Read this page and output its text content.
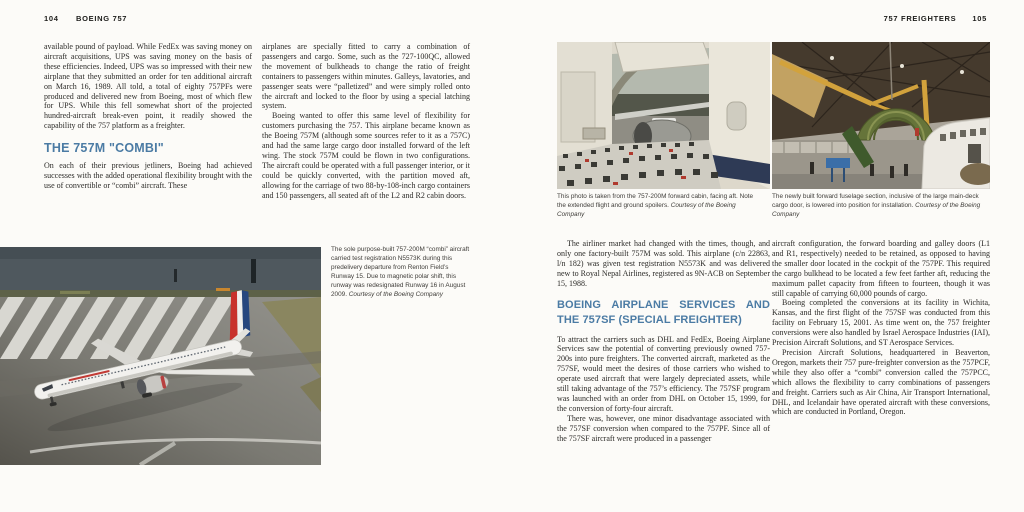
104 BOEING 757	757 FREIGHTERS 105

available pound of payload. While FedEx was saving money on aircraft acquisitions, UPS was saving money on the basis of these efficiencies. Indeed, UPS was so impressed with their new airplane that they submitted an order for ten additional aircraft on March 16, 1989. All told, a total of eighty 757PFs were produced and delivered new from Boeing, most of which flew for UPS. While this fell somewhat short of the projected hundred-aircraft break-even point, it readily showed the capability of the 757 platform as a freighter.

THE 757M "COMBI"

On each of their previous jetliners, Boeing had achieved successes with the added operational flexibility brought with the use of convertible or “combi” aircraft. These

airplanes are specially fitted to carry a combination of passengers and cargo. Some, such as the 727-100QC, allowed the movement of bulkheads to change the ratio of freight containers to passengers within minutes. Galleys, lavatories, and passenger seats were “palletized” and were simply rolled onto the aircraft and locked to the floor by using a special latching system.

Boeing wanted to offer this same level of flexibility for customers purchasing the 757. This airplane became known as the Boeing 757M (although some sources refer to it as a 757C) and had the same large cargo door installed forward of the left wing. The stock 757M could be flown in two configurations. The aircraft could be operated with a full passenger interior, or it could be quickly converted, with the partition moved aft, allowing for the carriage of two 88-by-108-inch cargo containers and 150 passengers, all seated aft of the L2 and R2 cabin doors.

The sole purpose-built 757-200M “combi” aircraft carried test registration N5573K during this predelivery departure from Renton Field’s Runway 15. Due to magnetic polar shift, this runway was redesignated Runway 16 in August 2009. Courtesy of the Boeing Company
This photo is taken from the 757-200M forward cabin, facing aft. Note the extended flight and ground spoilers. Courtesy of the Boeing Company
The newly built forward fuselage section, inclusive of the large main-deck cargo door, is lowered into position for installation. Courtesy of the Boeing Company

The airliner market had changed with the times, though, and only one factory-built 757M was sold. This airplane (c/n 22863, l/n 182) was given test registration N5573K and was delivered new to Royal Nepal Airlines, registered as 9N-ACB on September 15, 1988.

BOEING AIRPLANE SERVICES AND THE 757SF (SPECIAL FREIGHTER)

To attract the carriers such as DHL and FedEx, Boeing Airplane Services saw the potential of converting previously owned 757-200s into pure freighters. The converted aircraft, marketed as the 757SF, would meet the desires of those carriers who wished to operate used aircraft that were largely depreciated assets, while still taking advantage of the 757’s efficiency. The 757SF program was launched with an order from DHL on October 15, 1999, for the conversion of forty-four aircraft.

There was, however, one minor disadvantage associated with the 757SF conversion when compared to the 757PF. Since all of the 757SF aircraft were produced in a passenger

aircraft configuration, the forward boarding and galley doors (L1 and R1, respectively) needed to be retained, as opposed to having the smaller door located in the cockpit of the 757PF. This required the cargo bulkhead to be located a few feet farther aft, reducing the maximum pallet capacity from fifteen to fourteen, though it was still capable of carrying 60,000 pounds of cargo.

Boeing completed the conversions at its facility in Wichita, Kansas, and the first flight of the 757SF was conducted from this facility on February 15, 2001. As time went on, the 757 freighter conversions were also handled by Israel Aerospace Industries (IAI), Precision Aircraft Solutions, and ST Aerospace Services.

Precision Aircraft Solutions, headquartered in Beaverton, Oregon, markets their 757 pure-freighter conversion as the 757PCF, while they also offer a “combi” conversion called the 757PCC, which allows the flexibility to carry combinations of passengers and freight. Carriers such as Air China, Air Transport International, DHL, and Icelandair have operated aircraft with these conversions, which are conducted in Portland, Oregon.
